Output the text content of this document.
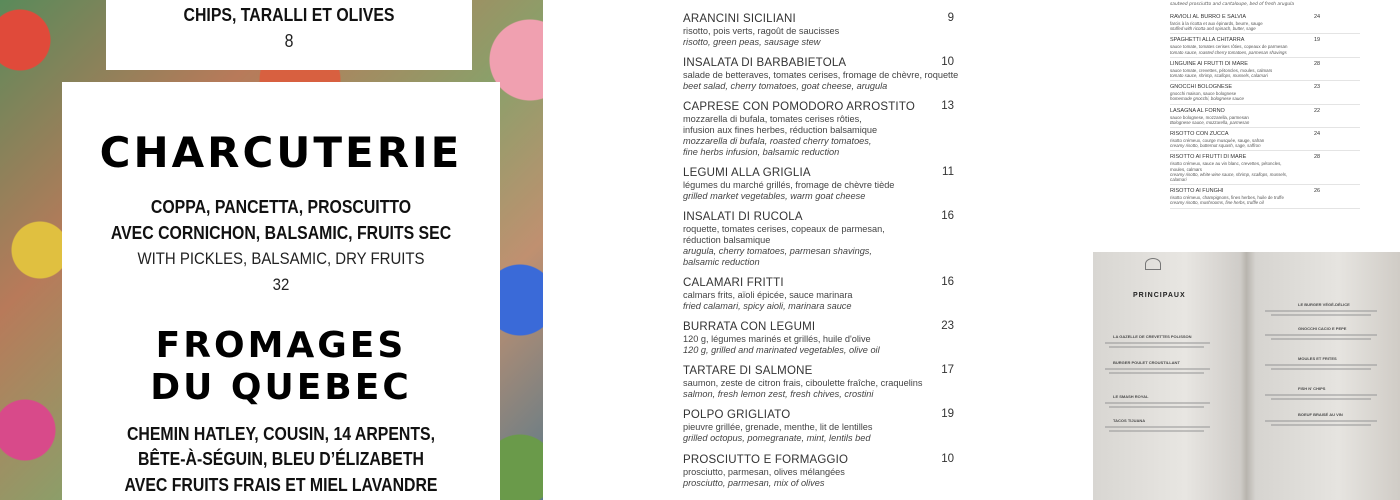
CHIPS, TARALLI ET OLIVES
8
CHARCUTERIE
COPPA, PANCETTA, PROSCUITTO
AVEC CORNICHON, BALSAMIC, FRUITS SEC
WITH PICKLES, BALSAMIC, DRY FRUITS
32
FROMAGES
DU QUEBEC
CHEMIN HATLEY, COUSIN, 14 ARPENTS,
BÊTE-À-SÉGUIN, BLEU D’ÉLIZABETH
AVEC FRUITS FRAIS ET MIEL LAVANDRE
ARANCINI SICILIANI
risotto, pois verts, ragoût de saucisses
risotto, green peas, sausage stew
9
INSALATA DI BARBABIETOLA
salade de betteraves, tomates cerises, fromage de chèvre, roquette
beet salad, cherry tomatoes, goat cheese, arugula
10
CAPRESE CON POMODORO ARROSTITO
mozzarella di bufala, tomates cerises rôties,
infusion aux fines herbes, réduction balsamique
mozzarella di bufala, roasted cherry tomatoes,
fine herbs infusion, balsamic reduction
13
LEGUMI ALLA GRIGLIA
légumes du marché grillés, fromage de chèvre tiède
grilled market vegetables, warm goat cheese
11
INSALATI DI RUCOLA
roquette, tomates cerises, copeaux de parmesan,
réduction balsamique
arugula, cherry tomatoes, parmesan shavings,
balsamic reduction
16
CALAMARI FRITTI
calmars frits, aïoli épicée, sauce marinara
fried calamari, spicy aioli, marinara sauce
16
BURRATA CON LEGUMI
120 g, légumes marinés et grillés, huile d'olive
120 g, grilled and marinated vegetables, olive oil
23
TARTARE DI SALMONE
saumon, zeste de citron frais, ciboulette fraîche, craquelins
salmon, fresh lemon zest, fresh chives, crostini
17
POLPO GRIGLIATO
pieuvre grillée, grenade, menthe, lit de lentilles
grilled octopus, pomegranate, mint, lentils bed
19
PROSCIUTTO E FORMAGGIO
prosciutto, parmesan, olives mélangées
prosciutto, parmesan, mix of olives
10
sauteed prosciutto and cantaloupe, bed of fresh arugula
RAVIOLI AL BURRO E SALVIA
farcis à la ricotta et aux épinards, beurre, sauge
stuffed with ricotta and spinach, butter, sage
24
SPAGHETTI ALLA CHITARRA
sauce tomate, tomates cerises rôties, copeaux de parmesan
tomato sauce, roasted cherry tomatoes, parmesan shavings
19
LINGUINE AI FRUTTI DI MARE
sauce tomate, crevettes, pétoncles, moules, calmars
tomato sauce, shrimp, scallops, mussels, calamari
28
GNOCCHI BOLOGNESE
gnocchi maison, sauce bolognese
homemade gnocchi, bolognese sauce
23
LASAGNA AL FORNO
sauce bolognese, mozzarella, parmesan
Bolognese sauce, mozzarella, parmesan
22
RISOTTO CON ZUCCA
risotto crémeux, courge musquée, sauge, safran
creamy risotto, butternut squash, sage, saffron
24
RISOTTO AI FRUTTI DI MARE
risotto crémeux, sauce au vin blanc, crevettes, pétoncles,
moules, calmars
creamy risotto, white wine sauce, shrimp, scallops, mussels,
calamari
28
RISOTTO AI FUNGHI
risotto crémeux, champignons, fines herbes, huile de truffe
creamy risotto, mushrooms, fine herbs, truffle oil
26
PRINCIPAUX
LA GAZELLE DE CREVETTES POLISSON
BURGER POULET CROUSTILLANT
LE SMASH ROYAL
TACOS TIJUANA
LE BURGER VÉGÉ-DÉLICE
GNOCCHI CACIO E PEPE
MOULES ET FRITES
FISH N' CHIPS
BOEUF BRAISÉ AU VIN
